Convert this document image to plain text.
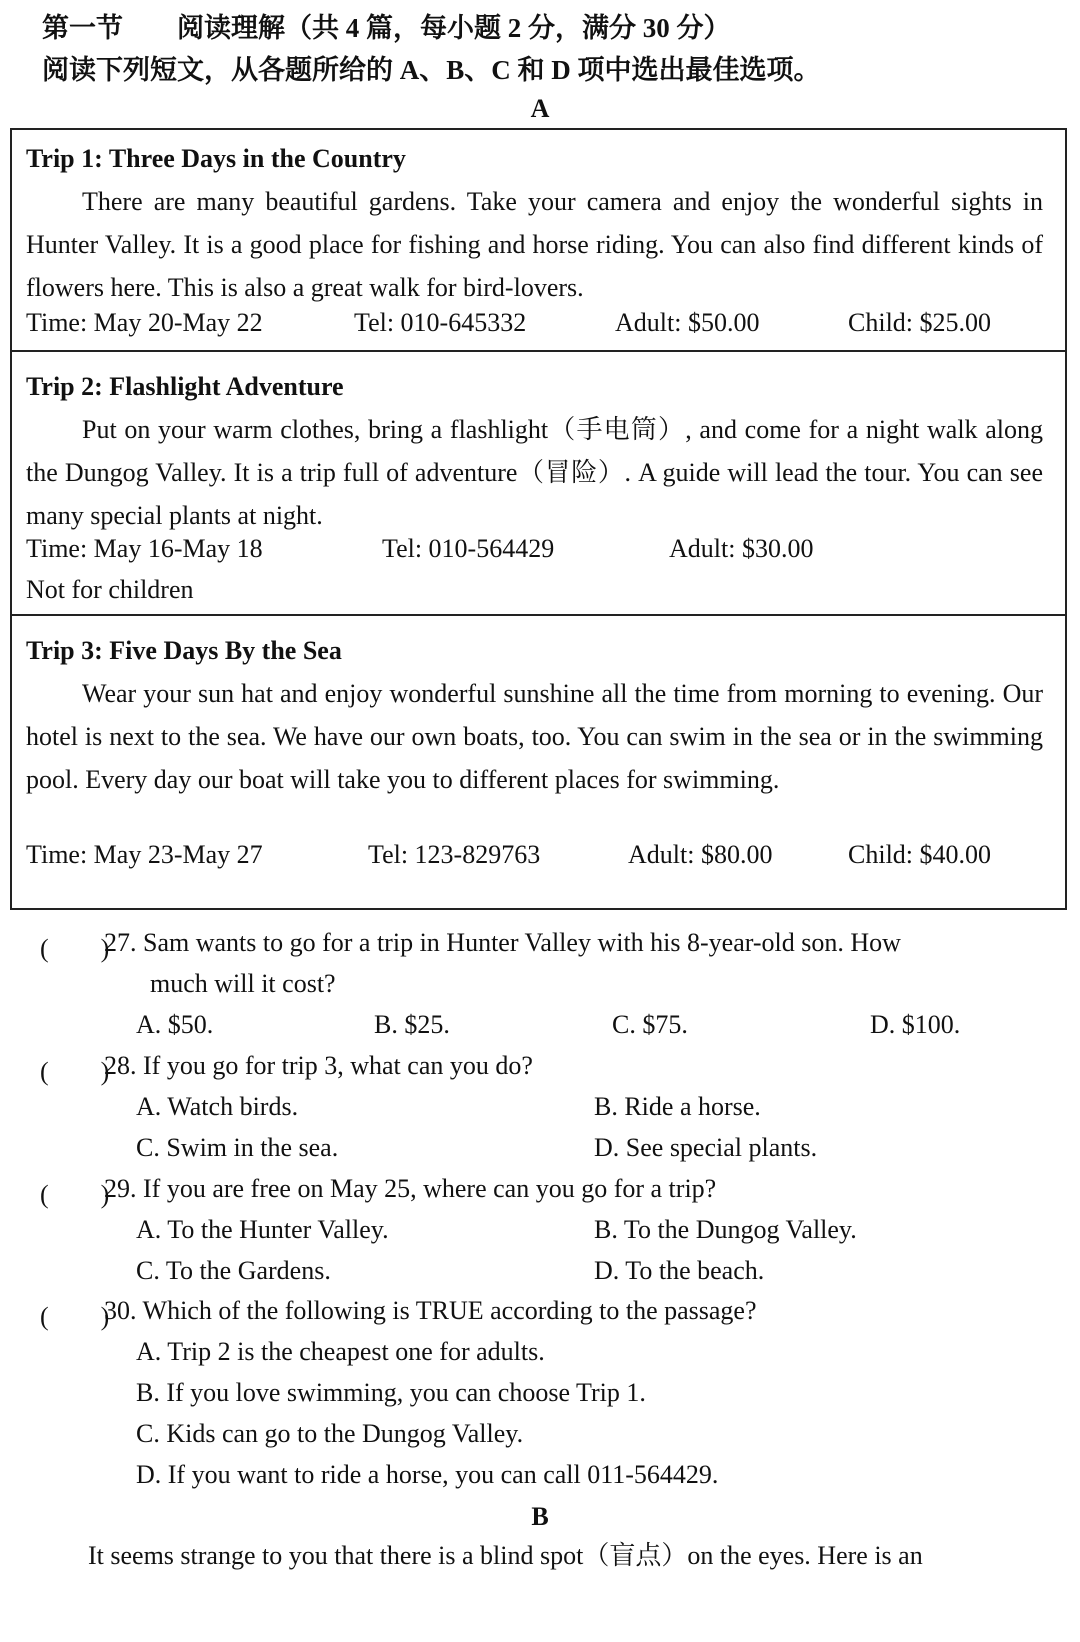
第一节　　阅读理解（共 4 篇，每小题 2 分，满分 30 分）
阅读下列短文，从各题所给的 A、B、C 和 D 项中选出最佳选项。
A
Trip 1: Three Days in the Country
There are many beautiful gardens. Take your camera and enjoy the wonderful sights in Hunter Valley. It is a good place for fishing and horse riding. You can also find different kinds of flowers here. This is also a great walk for bird-lovers.
Time: May 20-May 22	Tel: 010-645332	Adult: $50.00	Child: $25.00
Trip 2: Flashlight Adventure
Put on your warm clothes, bring a flashlight（手电筒）, and come for a night walk along the Dungog Valley. It is a trip full of adventure（冒险）. A guide will lead the tour. You can see many special plants at night.
Time: May 16-May 18	Tel: 010-564429	Adult: $30.00
Not for children
Trip 3: Five Days By the Sea
Wear your sun hat and enjoy wonderful sunshine all the time from morning to evening. Our hotel is next to the sea. We have our own boats, too. You can swim in the sea or in the swimming pool. Every day our boat will take you to different places for swimming.
Time: May 23-May 27	Tel: 123-829763	Adult: $80.00	Child: $40.00
(　　)
27. Sam wants to go for a trip in Hunter Valley with his 8-year-old son. How
much will it cost?
A. $50.	B. $25.	C. $75.	D. $100.
(　　)
28. If you go for trip 3, what can you do?
A. Watch birds.	B. Ride a horse.
C. Swim in the sea.	D. See special plants.
(　　)
29. If you are free on May 25, where can you go for a trip?
A. To the Hunter Valley.	B. To the Dungog Valley.
C. To the Gardens.	D. To the beach.
(　　)
30. Which of the following is TRUE according to the passage?
A. Trip 2 is the cheapest one for adults.
B. If you love swimming, you can choose Trip 1.
C. Kids can go to the Dungog Valley.
D. If you want to ride a horse, you can call 011-564429.
B
It seems strange to you that there is a blind spot（盲点）on the eyes. Here is an
